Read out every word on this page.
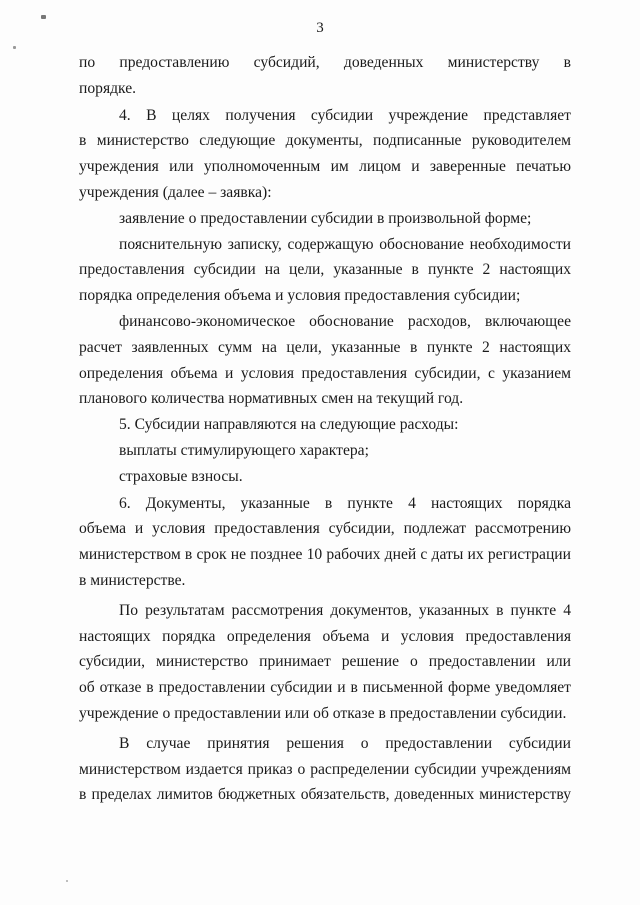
3
по предоставлению субсидий, доведенных министерству в
порядке.
4. В целях получения субсидии учреждение представляет
в министерство следующие документы, подписанные руководителем
учреждения или уполномоченным им лицом и заверенные печатью
учреждения (далее – заявка):
заявление о предоставлении субсидии в произвольной форме;
пояснительную записку, содержащую обоснование необходимости
предоставления субсидии на цели, указанные в пункте 2 настоящих
порядка определения объема и условия предоставления субсидии;
финансово-экономическое обоснование расходов, включающее
расчет заявленных сумм на цели, указанные в пункте 2 настоящих
определения объема и условия предоставления субсидии, с указанием
планового количества нормативных смен на текущий год.
5. Субсидии направляются на следующие расходы:
выплаты стимулирующего характера;
страховые взносы.
6. Документы, указанные в пункте 4 настоящих порядка
объема и условия предоставления субсидии, подлежат рассмотрению
министерством в срок не позднее 10 рабочих дней с даты их регистрации
в министерстве.
По результатам рассмотрения документов, указанных в пункте 4
настоящих порядка определения объема и условия предоставления
субсидии, министерство принимает решение о предоставлении или
об отказе в предоставлении субсидии и в письменной форме уведомляет
учреждение о предоставлении или об отказе в предоставлении субсидии.
В случае принятия решения о предоставлении субсидии
министерством издается приказ о распределении субсидии учреждениям
в пределах лимитов бюджетных обязательств, доведенных министерству
